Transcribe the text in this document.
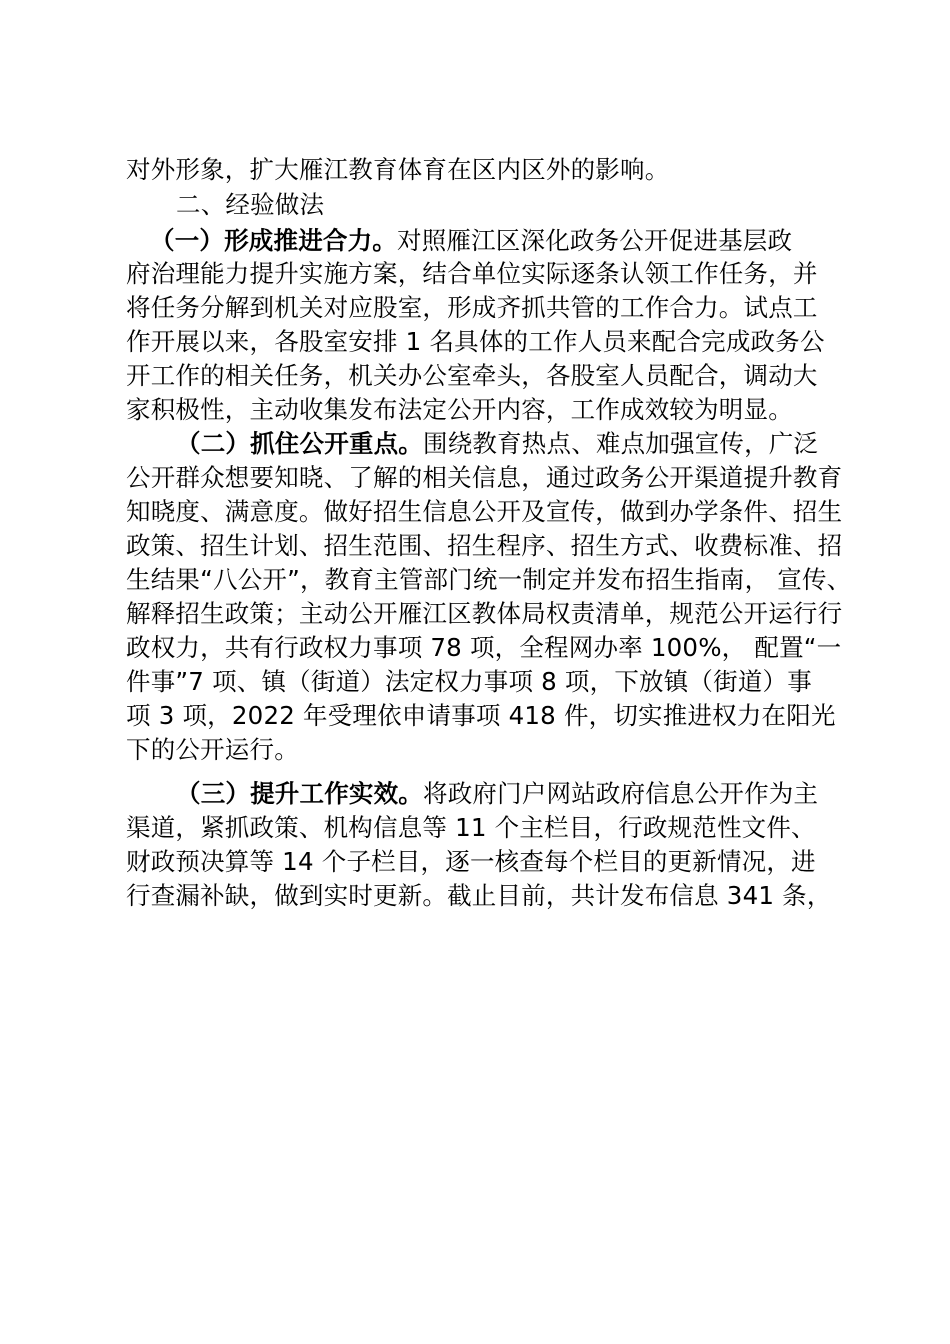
对外形象，扩大雁江教育体育在区内区外的影响。
二、经验做法
（一）形成推进合力。对照雁江区深化政务公开促进基层政
府治理能力提升实施方案，结合单位实际逐条认领工作任务，并
将任务分解到机关对应股室，形成齐抓共管的工作合力。试点工
作开展以来，各股室安排 1 名具体的工作人员来配合完成政务公
开工作的相关任务，机关办公室牵头，各股室人员配合，调动大
家积极性，主动收集发布法定公开内容，工作成效较为明显。
（二）抓住公开重点。围绕教育热点、难点加强宣传，广泛
公开群众想要知晓、了解的相关信息，通过政务公开渠道提升教育
知晓度、满意度。做好招生信息公开及宣传，做到办学条件、招生
政策、招生计划、招生范围、招生程序、招生方式、收费标准、招
生结果“八公开”，教育主管部门统一制定并发布招生指南， 宣传、
解释招生政策；主动公开雁江区教体局权责清单，规范公开运行行
政权力，共有行政权力事项 78 项，全程网办率 100%， 配置“一
件事”7 项、镇（街道）法定权力事项 8 项，下放镇（街道）事
项 3 项，2022 年受理依申请事项 418 件，切实推进权力在阳光
下的公开运行。
（三）提升工作实效。将政府门户网站政府信息公开作为主
渠道，紧抓政策、机构信息等 11 个主栏目，行政规范性文件、
财政预决算等 14 个子栏目，逐一核查每个栏目的更新情况，进
行查漏补缺，做到实时更新。截止目前，共计发布信息 341 条，
